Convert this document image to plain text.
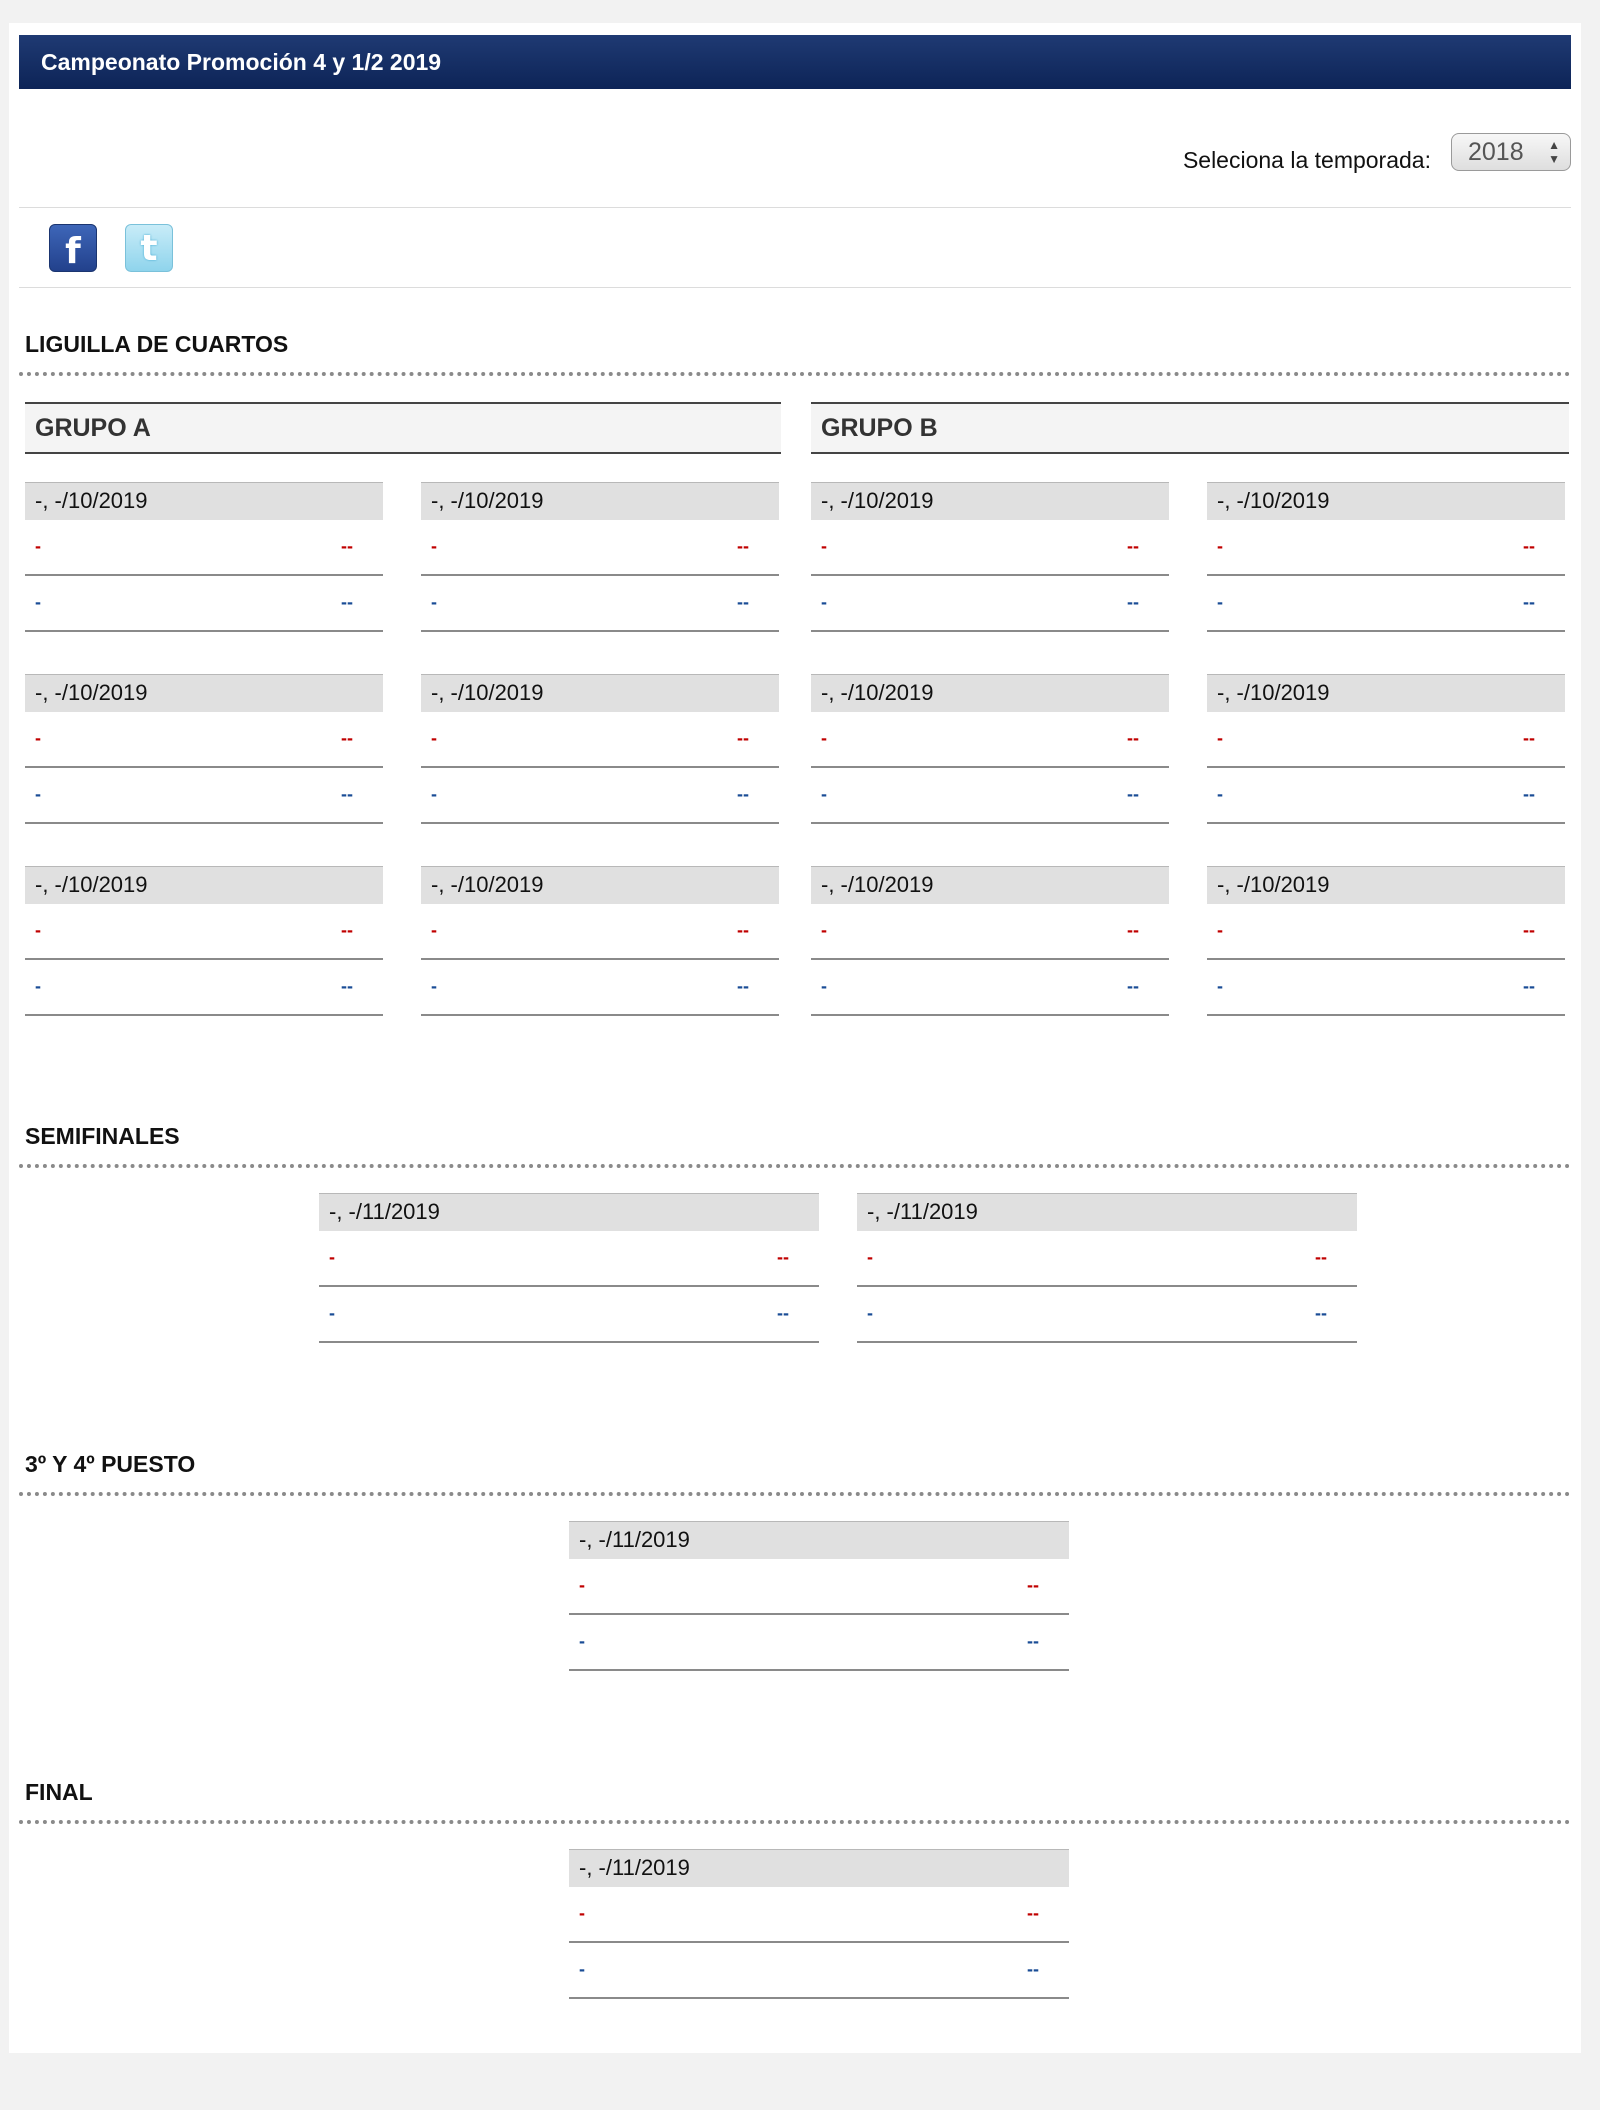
Campeonato Promoción 4 y 1/2 2019
Seleciona la temporada:	2018 ▲
▼
f t
LIGUILLA DE CUARTOS
GRUPO A	GRUPO B
-, -/10/2019
-	--
-	--
-, -/10/2019
-	--
-	--
-, -/10/2019
-	--
-	--
-, -/10/2019
-	--
-	--
-, -/10/2019
-	--
-	--
-, -/10/2019
-	--
-	--
-, -/10/2019
-	--
-	--
-, -/10/2019
-	--
-	--
-, -/10/2019
-	--
-	--
-, -/10/2019
-	--
-	--
-, -/10/2019
-	--
-	--
-, -/10/2019
-	--
-	--
SEMIFINALES
-, -/11/2019
-	--
-	--
-, -/11/2019
-	--
-	--
3º Y 4º PUESTO
-, -/11/2019
-	--
-	--
FINAL
-, -/11/2019
-	--
-	--
